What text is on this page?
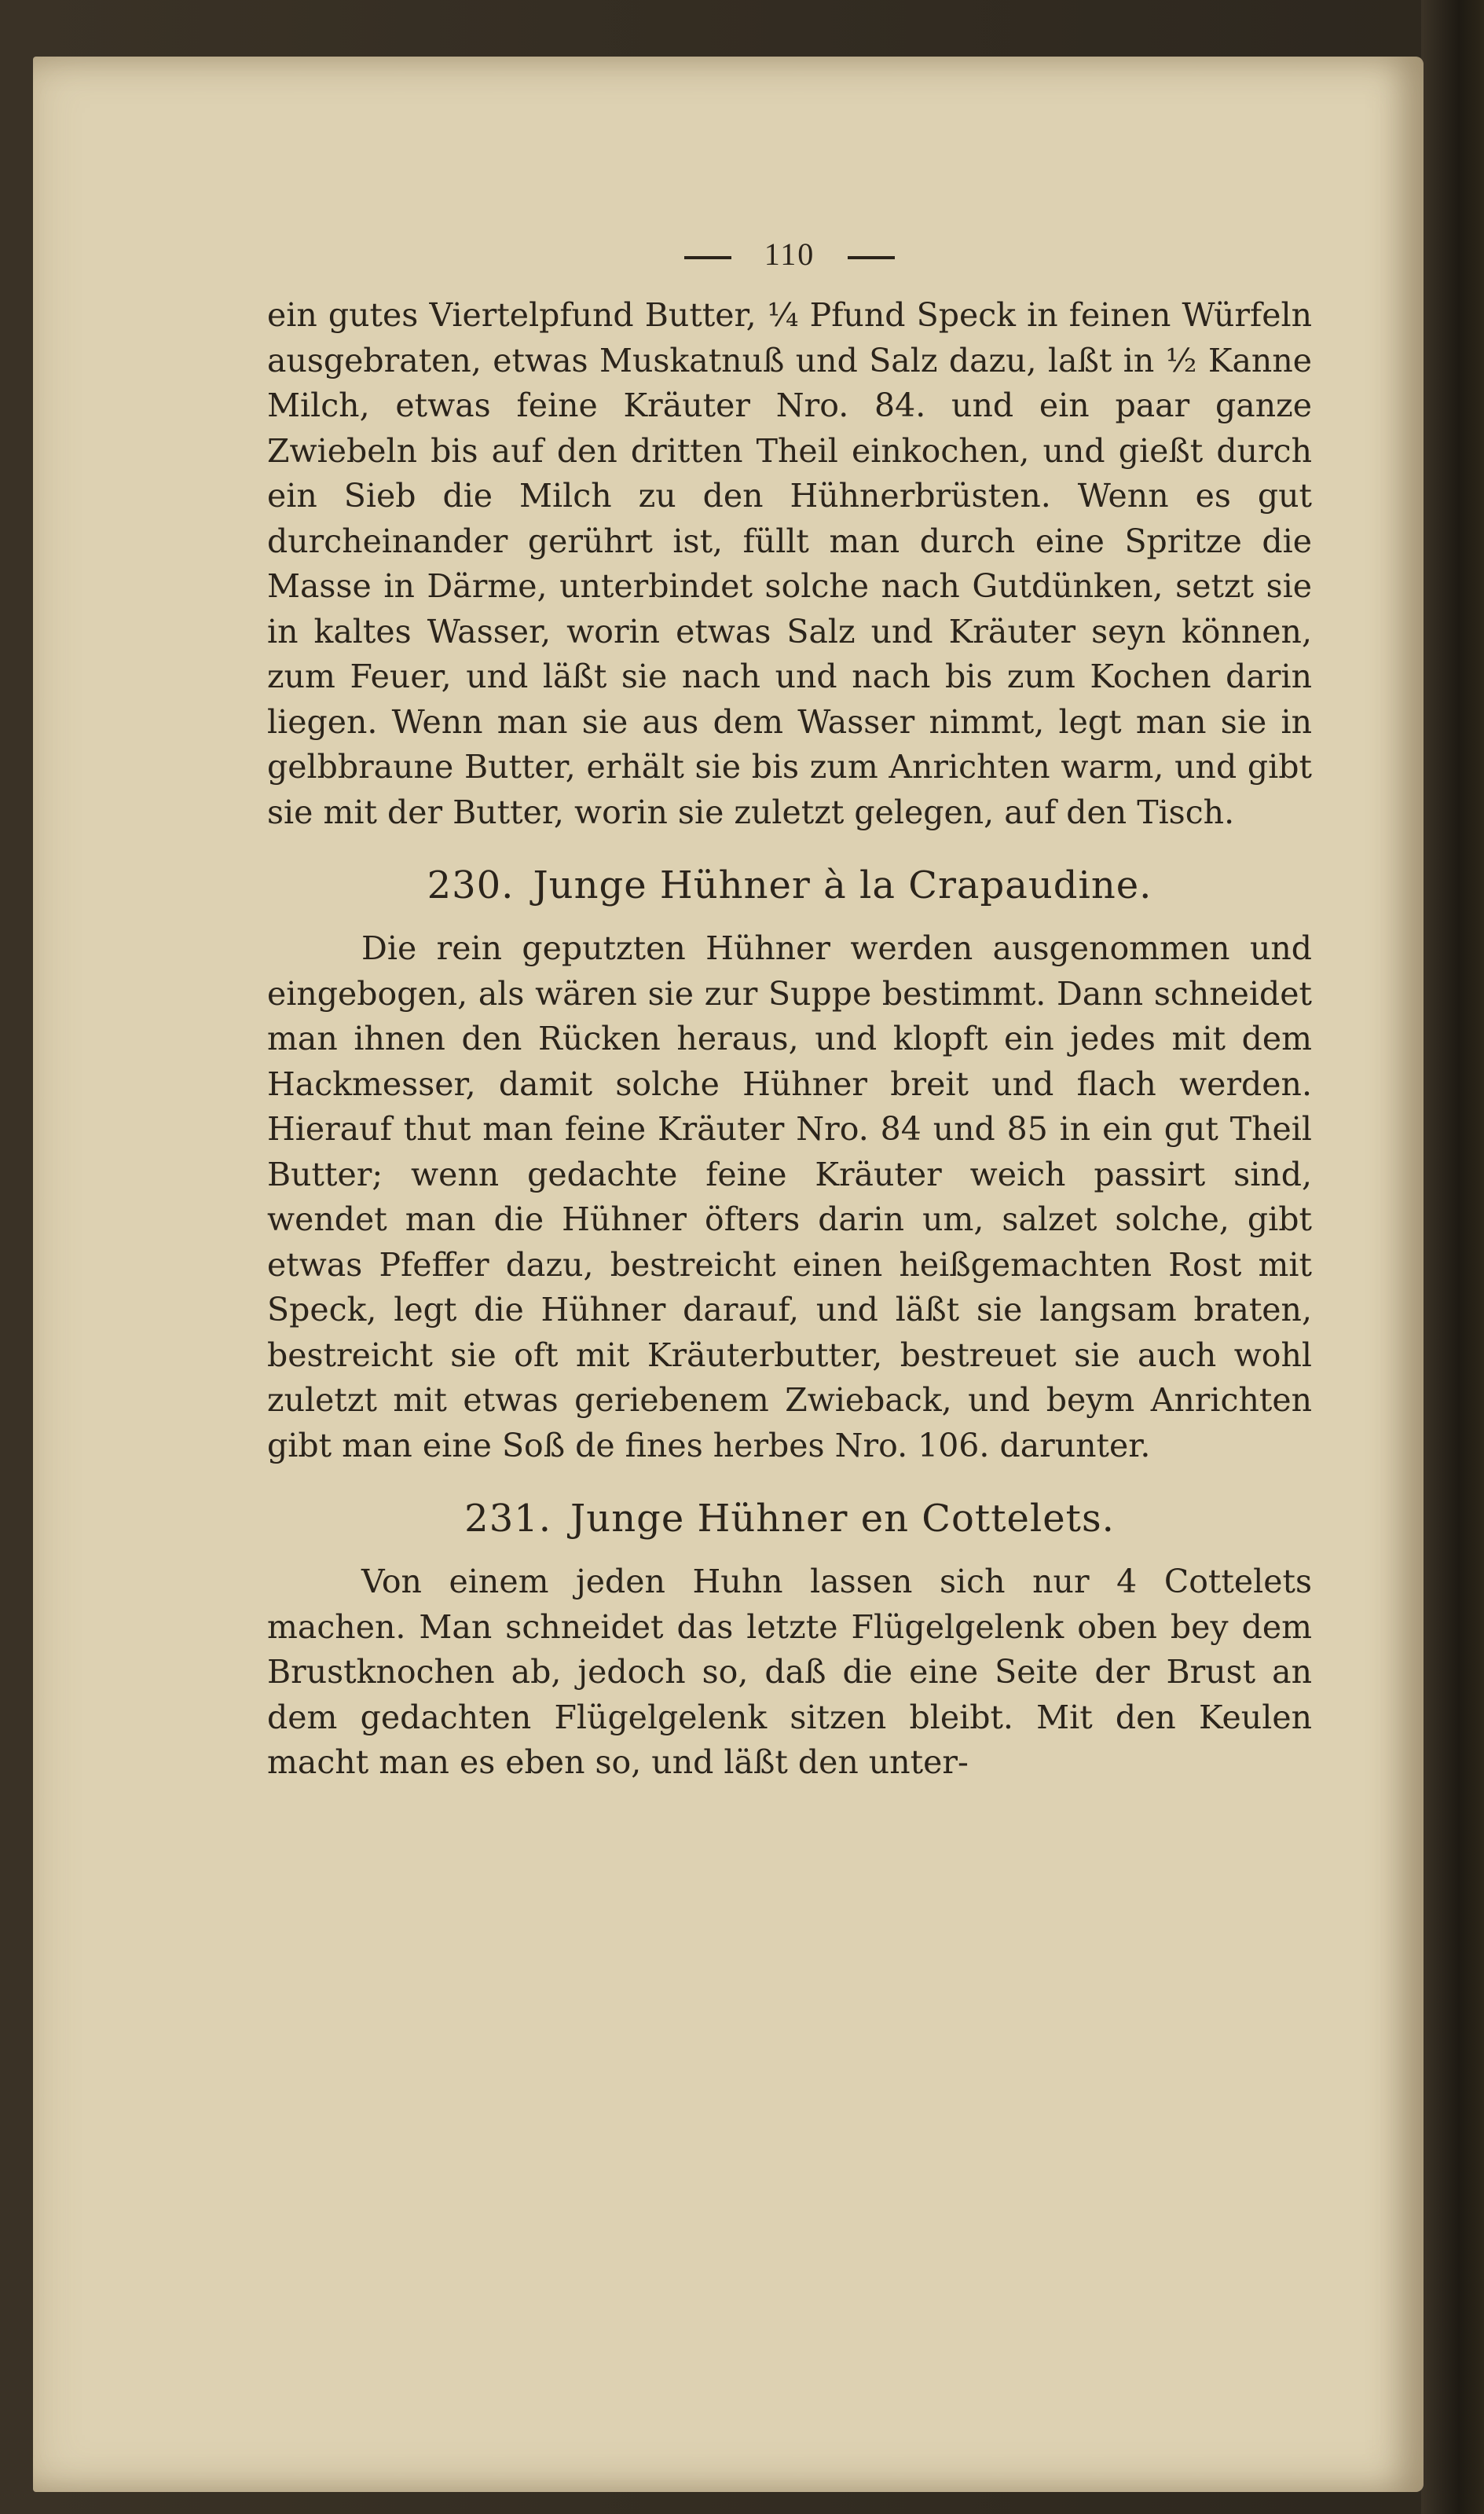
110

ein gutes Viertelpfund Butter, ¼ Pfund Speck in feinen Würfeln ausgebraten, etwas Muskatnuß und Salz dazu, laßt in ½ Kanne Milch, etwas feine Kräuter Nro. 84. und ein paar ganze Zwiebeln bis auf den dritten Theil einkochen, und gießt durch ein Sieb die Milch zu den Hühnerbrüsten. Wenn es gut durcheinander gerührt ist, füllt man durch eine Spritze die Masse in Därme, unterbindet solche nach Gutdünken, setzt sie in kaltes Wasser, worin etwas Salz und Kräuter seyn können, zum Feuer, und läßt sie nach und nach bis zum Kochen darin liegen. Wenn man sie aus dem Wasser nimmt, legt man sie in gelbbraune Butter, erhält sie bis zum Anrichten warm, und gibt sie mit der Butter, worin sie zuletzt gelegen, auf den Tisch.

230. Junge Hühner à la Crapaudine.

Die rein geputzten Hühner werden ausgenommen und eingebogen, als wären sie zur Suppe bestimmt. Dann schneidet man ihnen den Rücken heraus, und klopft ein jedes mit dem Hackmesser, damit solche Hühner breit und flach werden. Hierauf thut man feine Kräuter Nro. 84 und 85 in ein gut Theil Butter; wenn gedachte feine Kräuter weich passirt sind, wendet man die Hühner öfters darin um, salzet solche, gibt etwas Pfeffer dazu, bestreicht einen heißgemachten Rost mit Speck, legt die Hühner darauf, und läßt sie langsam braten, bestreicht sie oft mit Kräuterbutter, bestreuet sie auch wohl zuletzt mit etwas geriebenem Zwieback, und beym Anrichten gibt man eine Soß de fines herbes Nro. 106. darunter.

231. Junge Hühner en Cottelets.

Von einem jeden Huhn lassen sich nur 4 Cottelets machen. Man schneidet das letzte Flügelgelenk oben bey dem Brustknochen ab, jedoch so, daß die eine Seite der Brust an dem gedachten Flügelgelenk sitzen bleibt. Mit den Keulen macht man es eben so, und läßt den unter-
